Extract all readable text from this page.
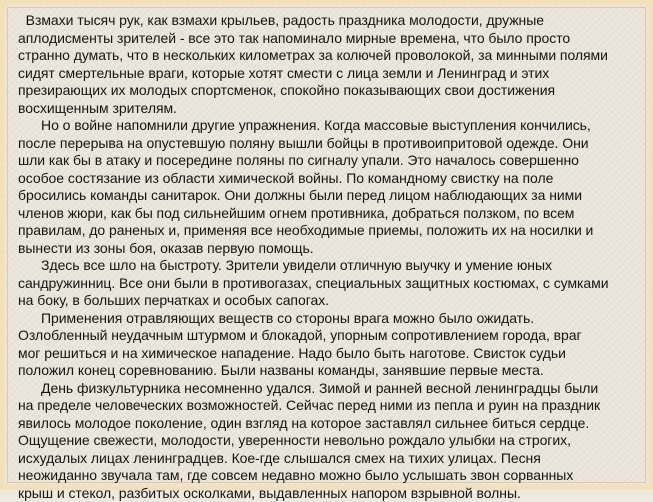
Взмахи тысяч рук, как взмахи крыльев, радость праздника молодости, дружные
аплодисменты зрителей - все это так напоминало мирные времена, что было просто
странно думать, что в нескольких километрах за колючей проволокой, за минными полями
сидят смертельные враги, которые хотят смести с лица земли и Ленинград и этих
презирающих их молодых спортсменок, спокойно показывающих свои достижения
восхищенным зрителям.
Но о войне напомнили другие упражнения. Когда массовые выступления кончились,
после перерыва на опустевшую поляну вышли бойцы в противоипритовой одежде. Они
шли как бы в атаку и посередине поляны по сигналу упали. Это началось совершенно
особое состязание из области химической войны. По командному свистку на поле
бросились команды санитарок. Они должны были перед лицом наблюдающих за ними
членов жюри, как бы под сильнейшим огнем противника, добраться ползком, по всем
правилам, до раненых и, применяя все необходимые приемы, положить их на носилки и
вынести из зоны боя, оказав первую помощь.
Здесь все шло на быстроту. Зрители увидели отличную выучку и умение юных
сандружинниц. Все они были в противогазах, специальных защитных костюмах, с сумками
на боку, в больших перчатках и особых сапогах.
Применения отравляющих веществ со стороны врага можно было ожидать.
Озлобленный неудачным штурмом и блокадой, упорным сопротивлением города, враг
мог решиться и на химическое нападение. Надо было быть наготове. Свисток судьи
положил конец соревнованию. Были названы команды, занявшие первые места.
День физкультурника несомненно удался. Зимой и ранней весной ленинградцы были
на пределе человеческих возможностей. Сейчас перед ними из пепла и руин на праздник
явилось молодое поколение, один взгляд на которое заставлял сильнее биться сердце.
Ощущение свежести, молодости, уверенности невольно рождало улыбки на строгих,
исхудалых лицах ленинградцев. Кое-где слышался смех на тихих улицах. Песня
неожиданно звучала там, где совсем недавно можно было услышать звон сорванных
крыш и стекол, разбитых осколками, выдавленных напором взрывной волны.
